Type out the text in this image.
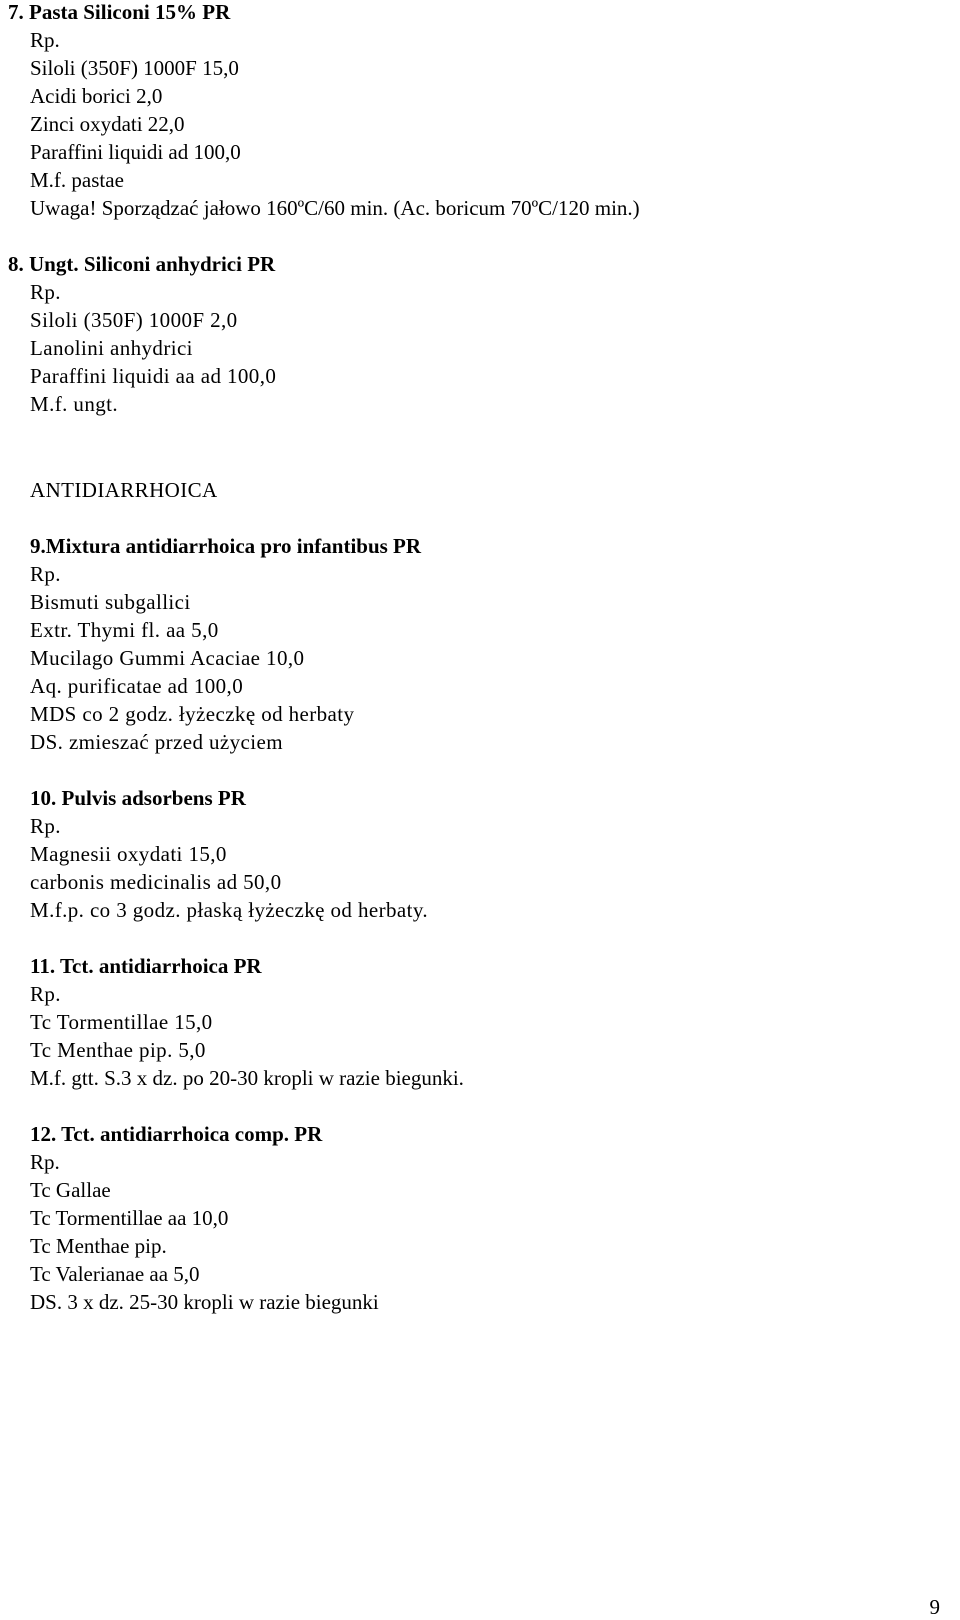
7. Pasta Siliconi 15% PR
Rp.
Siloli (350F) 1000F 15,0
Acidi borici 2,0
Zinci oxydati 22,0
Paraffini liquidi ad 100,0
M.f. pastae
Uwaga! Sporządzać jałowo 160ºC/60 min. (Ac. boricum 70ºC/120 min.)
8. Ungt. Siliconi anhydrici PR
Rp.
Siloli (350F) 1000F 2,0
Lanolini anhydrici
Paraffini liquidi aa ad 100,0
M.f. ungt.
ANTIDIARRHOICA
9.Mixtura antidiarrhoica pro infantibus PR
Rp.
Bismuti subgallici
Extr. Thymi fl. aa 5,0
Mucilago Gummi Acaciae 10,0
Aq. purificatae ad 100,0
MDS co 2 godz. łyżeczkę od herbaty
DS. zmieszać przed użyciem
10. Pulvis adsorbens PR
Rp.
Magnesii oxydati 15,0
carbonis medicinalis ad 50,0
M.f.p. co 3 godz. płaską łyżeczkę od herbaty.
11. Tct. antidiarrhoica PR
Rp.
Tc Tormentillae 15,0
Tc Menthae pip. 5,0
M.f. gtt. S.3 x dz. po 20-30 kropli w razie biegunki.
12. Tct. antidiarrhoica comp. PR
Rp.
Tc Gallae
Tc Tormentillae aa 10,0
Tc Menthae pip.
Tc Valerianae aa 5,0
DS. 3 x dz. 25-30 kropli w razie biegunki
9
